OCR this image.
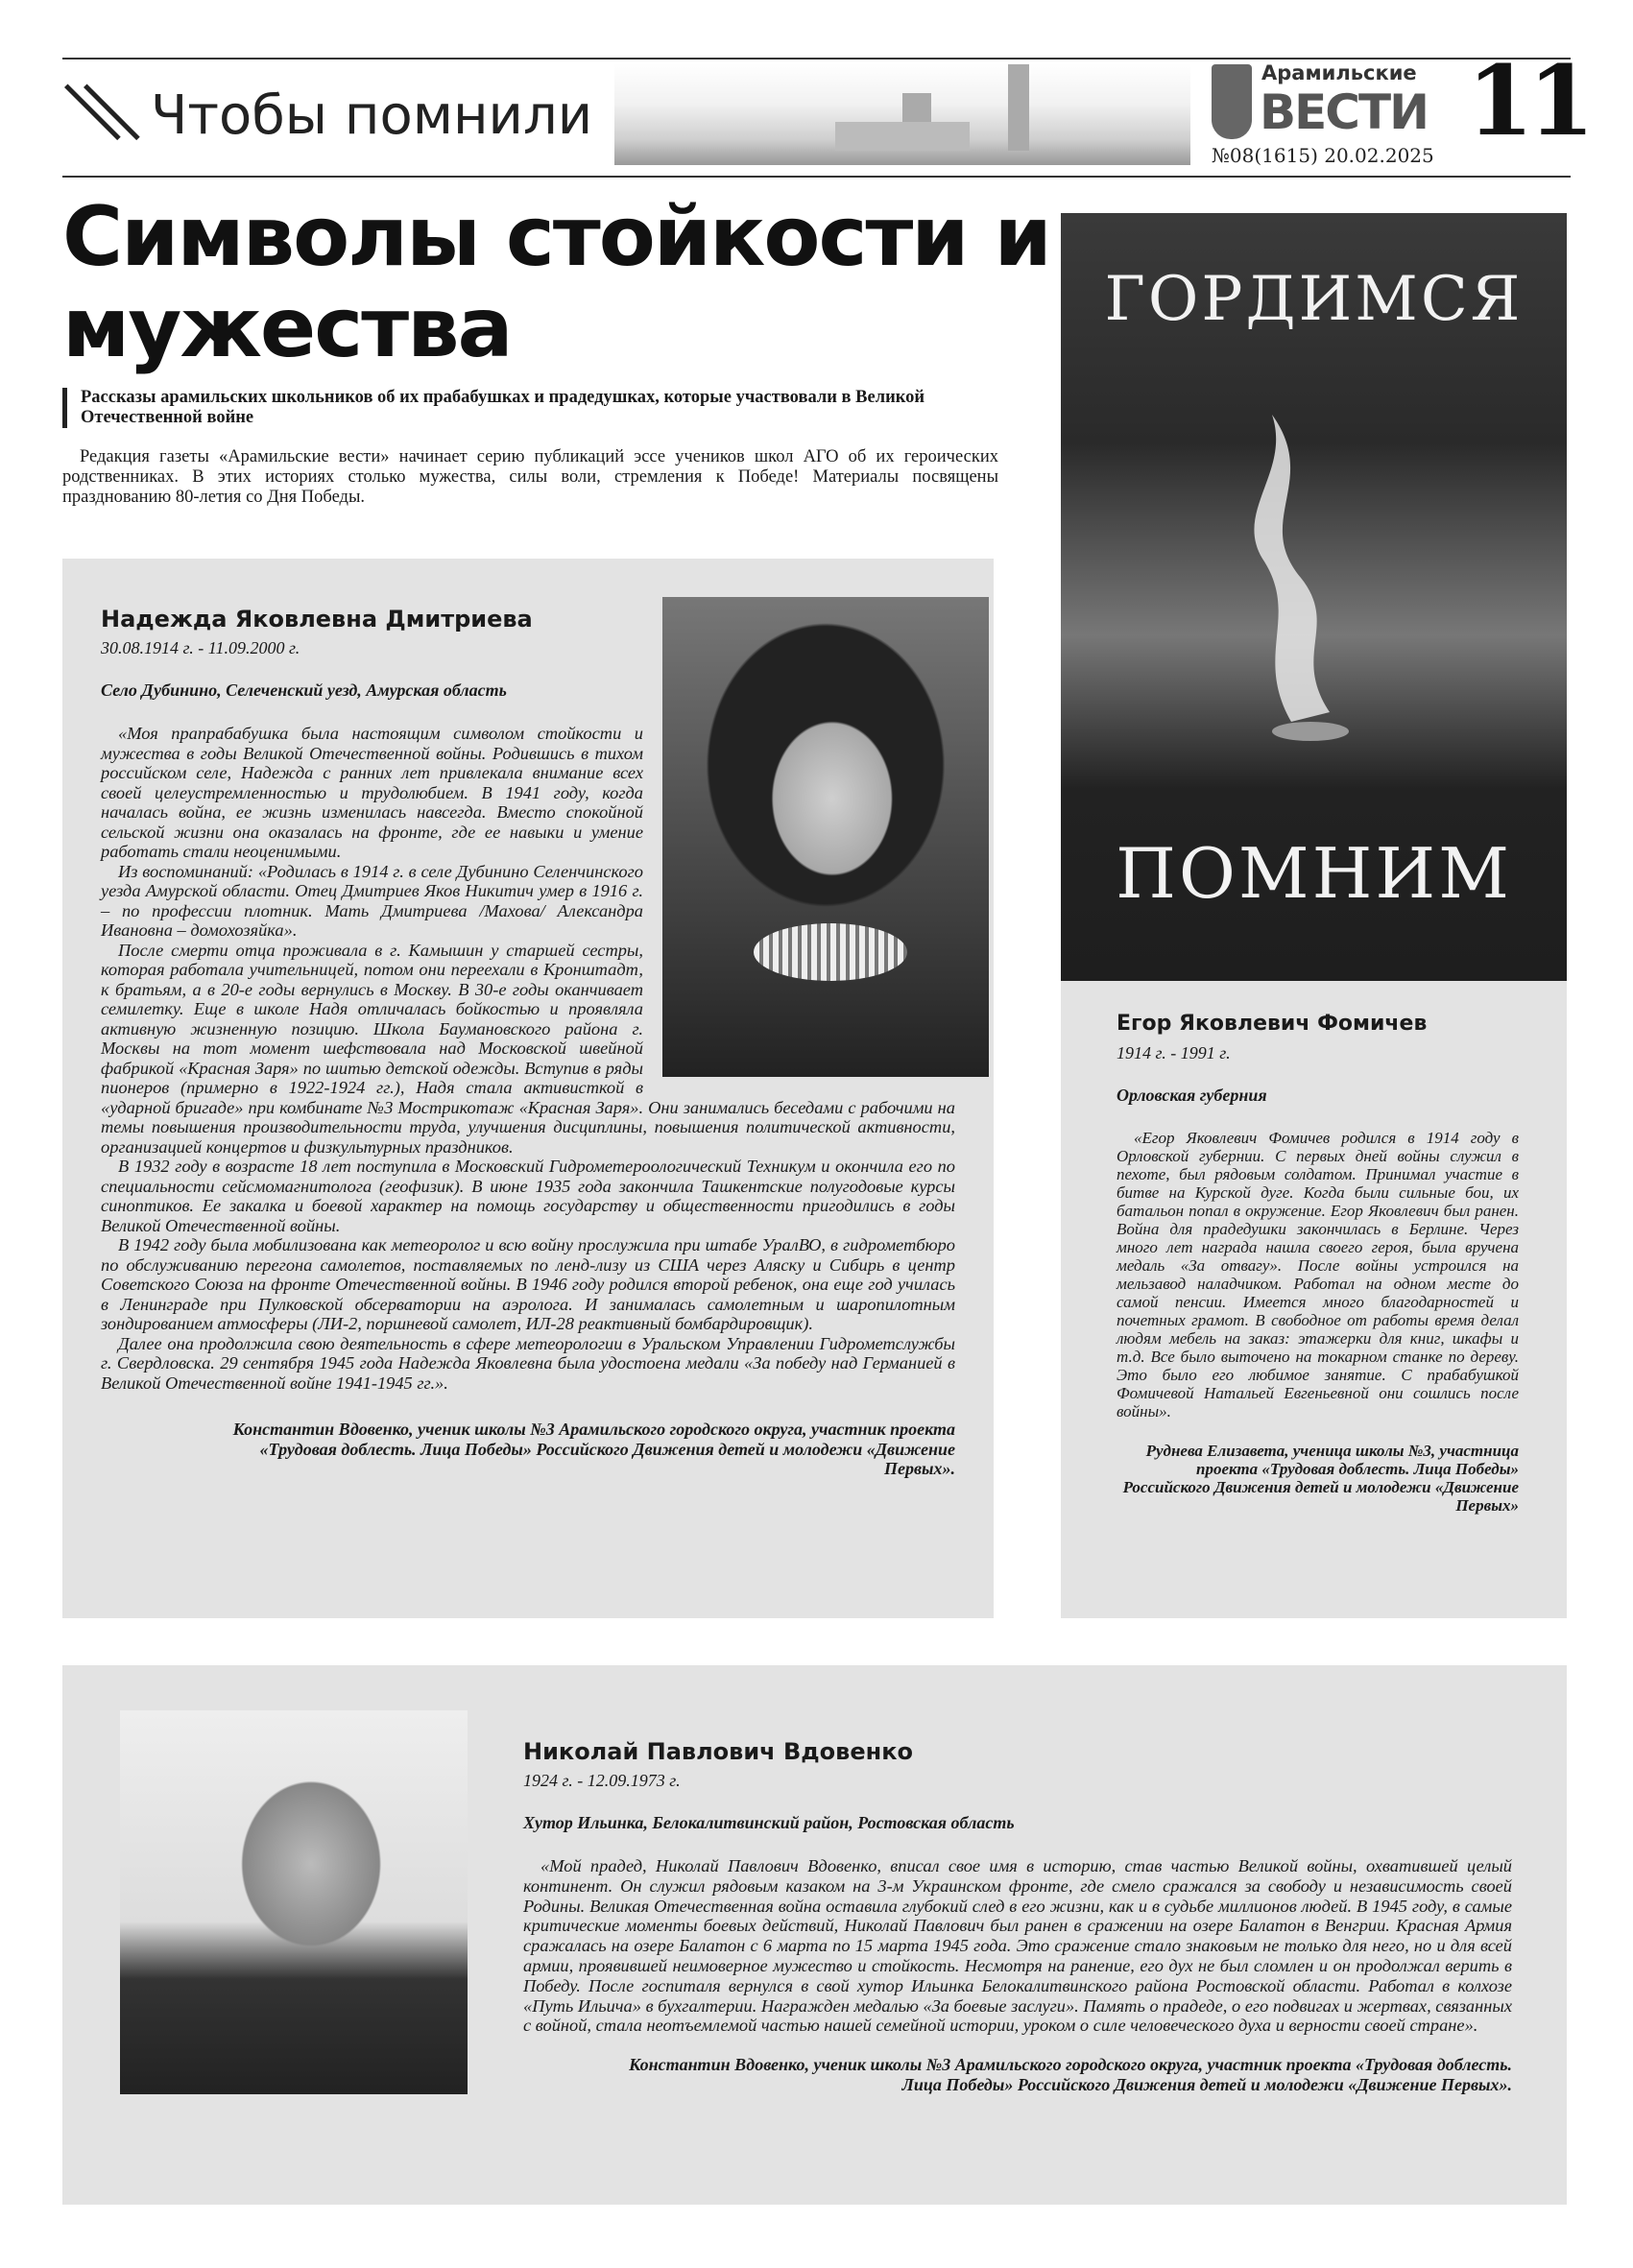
Чтобы помнили
Арамильские
ВЕСТИ
№08(1615) 20.02.2025 11
Символы стойкости и мужества
Рассказы арамильских школьников об их прабабушках и прадедушках, которые участвовали в Великой Отечественной войне

Редакция газеты «Арамильские вести» начинает серию публикаций эссе учеников школ АГО об их героических родственниках. В этих историях столько мужества, силы воли, стремления к Победе! Материалы посвящены празднованию 80-летия со Дня Победы.

Надежда Яковлевна Дмитриева
30.08.1914 г. - 11.09.2000 г.
Село Дубинино, Селеченский уезд, Амурская область

«Моя прапрабабушка была настоящим символом стойкости и мужества в годы Великой Отечественной войны. Родившись в тихом российском селе, Надежда с ранних лет привлекала внимание всех своей целеустремленностью и трудолюбием. В 1941 году, когда началась война, ее жизнь изменилась навсегда. Вместо спокойной сельской жизни она оказалась на фронте, где ее навыки и умение работать стали неоценимыми.

Из воспоминаний: «Родилась в 1914 г. в селе Дубинино Селенчинского уезда Амурской области. Отец Дмитриев Яков Никитич умер в 1916 г. – по профессии плотник. Мать Дмитриева /Махова/ Александра Ивановна – домохозяйка».

После смерти отца проживала в г. Камышин у старшей сестры, которая работала учительницей, потом они переехали в Кронштадт, к братьям, а в 20-е годы вернулись в Москву. В 30-е годы оканчивает семилетку. Еще в школе Надя отличалась бойкостью и проявляла активную жизненную позицию. Школа Баумановского района г. Москвы на тот момент шефствовала над Московской швейной фабрикой «Красная Заря» по шитью детской одежды. Вступив в ряды пионеров (примерно в 1922-1924 гг.), Надя стала активисткой в «ударной бригаде» при комбинате №3 Мострикотаж «Красная Заря». Они занимались беседами с рабочими на темы повышения производительности труда, улучшения дисциплины, повышения политической активности, организацией концертов и физкультурных праздников.

В 1932 году в возрасте 18 лет поступила в Московский Гидрометероологический Техникум и окончила его по специальности сейсмомагнитолога (геофизик). В июне 1935 года закончила Ташкентские полугодовые курсы синоптиков. Ее закалка и боевой характер на помощь государству и общественности пригодились в годы Великой Отечественной войны.

В 1942 году была мобилизована как метеоролог и всю войну прослужила при штабе УралВО, в гидрометбюро по обслуживанию перегона самолетов, поставляемых по ленд-лизу из США через Аляску и Сибирь в центр Советского Союза на фронте Отечественной войны. В 1946 году родился второй ребенок, она еще год училась в Ленинграде при Пулковской обсерватории на аэролога. И занималась самолетным и шаропилотным зондированием атмосферы (ЛИ-2, поршневой самолет, ИЛ-28 реактивный бомбардировщик).

Далее она продолжила свою деятельность в сфере метеорологии в Уральском Управлении Гидрометслужбы г. Свердловска. 29 сентября 1945 года Надежда Яковлевна была удостоена медали «За победу над Германией в Великой Отечественной войне 1941-1945 гг.».

Константин Вдовенко, ученик школы №3 Арамильского городского округа, участник проекта «Трудовая доблесть. Лица Победы» Российского Движения детей и молодежи «Движение Первых».
ГОРДИМСЯ
ПОМНИМ
Егор Яковлевич Фомичев
1914 г. - 1991 г.
Орловская губерния

«Егор Яковлевич Фомичев родился в 1914 году в Орловской губернии. С первых дней войны служил в пехоте, был рядовым солдатом. Принимал участие в битве на Курской дуге. Когда были сильные бои, их батальон попал в окружение. Егор Яковлевич был ранен. Война для прадедушки закончилась в Берлине. Через много лет награда нашла своего героя, была вручена медаль «За отвагу». После войны устроился на мельзавод наладчиком. Работал на одном месте до самой пенсии. Имеется много благодарностей и почетных грамот. В свободное от работы время делал людям мебель на заказ: этажерки для книг, шкафы и т.д. Все было выточено на токарном станке по дереву. Это было его любимое занятие. С прабабушкой Фомичевой Натальей Евгеньевной они сошлись после войны».

Руднева Елизавета, ученица школы №3, участница проекта «Трудовая доблесть. Лица Победы» Российского Движения детей и молодежи «Движение Первых»
Николай Павлович Вдовенко
1924 г. - 12.09.1973 г.
Хутор Ильинка, Белокалитвинский район, Ростовская область

«Мой прадед, Николай Павлович Вдовенко, вписал свое имя в историю, став частью Великой войны, охватившей целый континент. Он служил рядовым казаком на 3-м Украинском фронте, где смело сражался за свободу и независимость своей Родины. Великая Отечественная война оставила глубокий след в его жизни, как и в судьбе миллионов людей. В 1945 году, в самые критические моменты боевых действий, Николай Павлович был ранен в сражении на озере Балатон в Венгрии. Красная Армия сражалась на озере Балатон с 6 марта по 15 марта 1945 года. Это сражение стало знаковым не только для него, но и для всей армии, проявившей неимоверное мужество и стойкость. Несмотря на ранение, его дух не был сломлен и он продолжал верить в Победу. После госпиталя вернулся в свой хутор Ильинка Белокалитвинского района Ростовской области. Работал в колхозе «Путь Ильича» в бухгалтерии. Награжден медалью «За боевые заслуги». Память о прадеде, о его подвигах и жертвах, связанных с войной, стала неотъемлемой частью нашей семейной истории, уроком о силе человеческого духа и верности своей стране».

Константин Вдовенко, ученик школы №3 Арамильского городского округа, участник проекта «Трудовая доблесть. Лица Победы» Российского Движения детей и молодежи «Движение Первых».
